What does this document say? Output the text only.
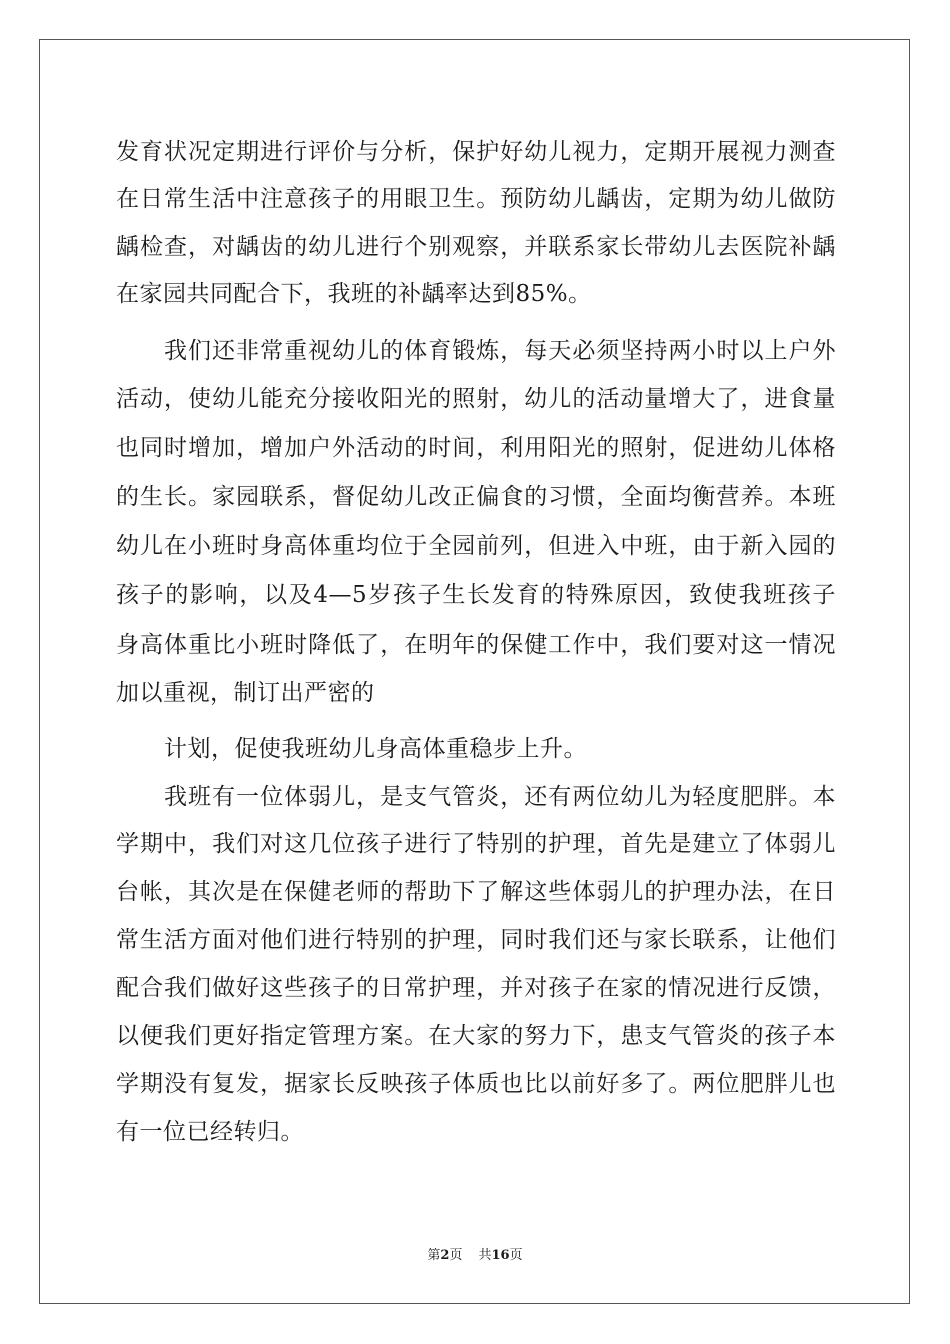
发育状况定期进行评价与分析，保护好幼儿视力，定期开展视力测查
在日常生活中注意孩子的用眼卫生。预防幼儿龋齿，定期为幼儿做防
龋检查，对龋齿的幼儿进行个别观察，并联系家长带幼儿去医院补龋
在家园共同配合下，我班的补龋率达到85%。
我们还非常重视幼儿的体育锻炼，每天必须坚持两小时以上户外
活动，使幼儿能充分接收阳光的照射，幼儿的活动量增大了，进食量
也同时增加，增加户外活动的时间，利用阳光的照射，促进幼儿体格
的生长。家园联系，督促幼儿改正偏食的习惯，全面均衡营养。本班
幼儿在小班时身高体重均位于全园前列，但进入中班，由于新入园的
孩子的影响，以及4—5岁孩子生长发育的特殊原因，致使我班孩子
身高体重比小班时降低了，在明年的保健工作中，我们要对这一情况
加以重视，制订出严密的
计划，促使我班幼儿身高体重稳步上升。
我班有一位体弱儿，是支气管炎，还有两位幼儿为轻度肥胖。本
学期中，我们对这几位孩子进行了特别的护理，首先是建立了体弱儿
台帐，其次是在保健老师的帮助下了解这些体弱儿的护理办法，在日
常生活方面对他们进行特别的护理，同时我们还与家长联系，让他们
配合我们做好这些孩子的日常护理，并对孩子在家的情况进行反馈，
以便我们更好指定管理方案。在大家的努力下，患支气管炎的孩子本
学期没有复发，据家长反映孩子体质也比以前好多了。两位肥胖儿也
有一位已经转归。
第2页 共16页
